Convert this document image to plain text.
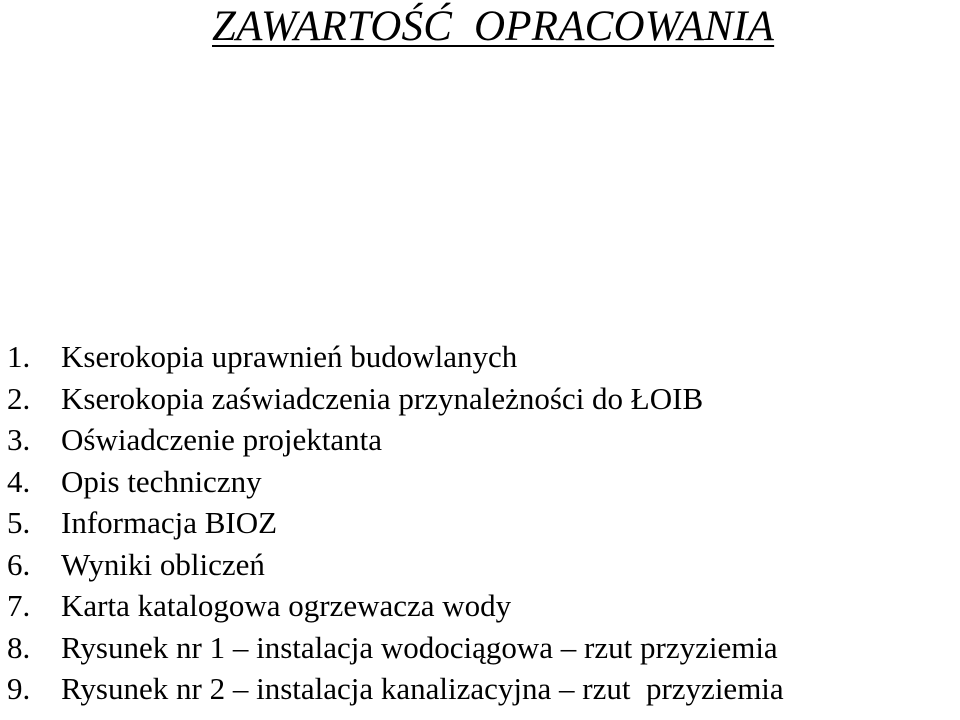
ZAWARTOŚĆ  OPRACOWANIA
1. Kserokopia uprawnień budowlanych
2. Kserokopia zaświadczenia przynależności do ŁOIB
3. Oświadczenie projektanta
4. Opis techniczny
5. Informacja BIOZ
6. Wyniki obliczeń
7. Karta katalogowa ogrzewacza wody
8. Rysunek nr 1 – instalacja wodociągowa – rzut przyziemia
9. Rysunek nr 2 – instalacja kanalizacyjna – rzut  przyziemia
